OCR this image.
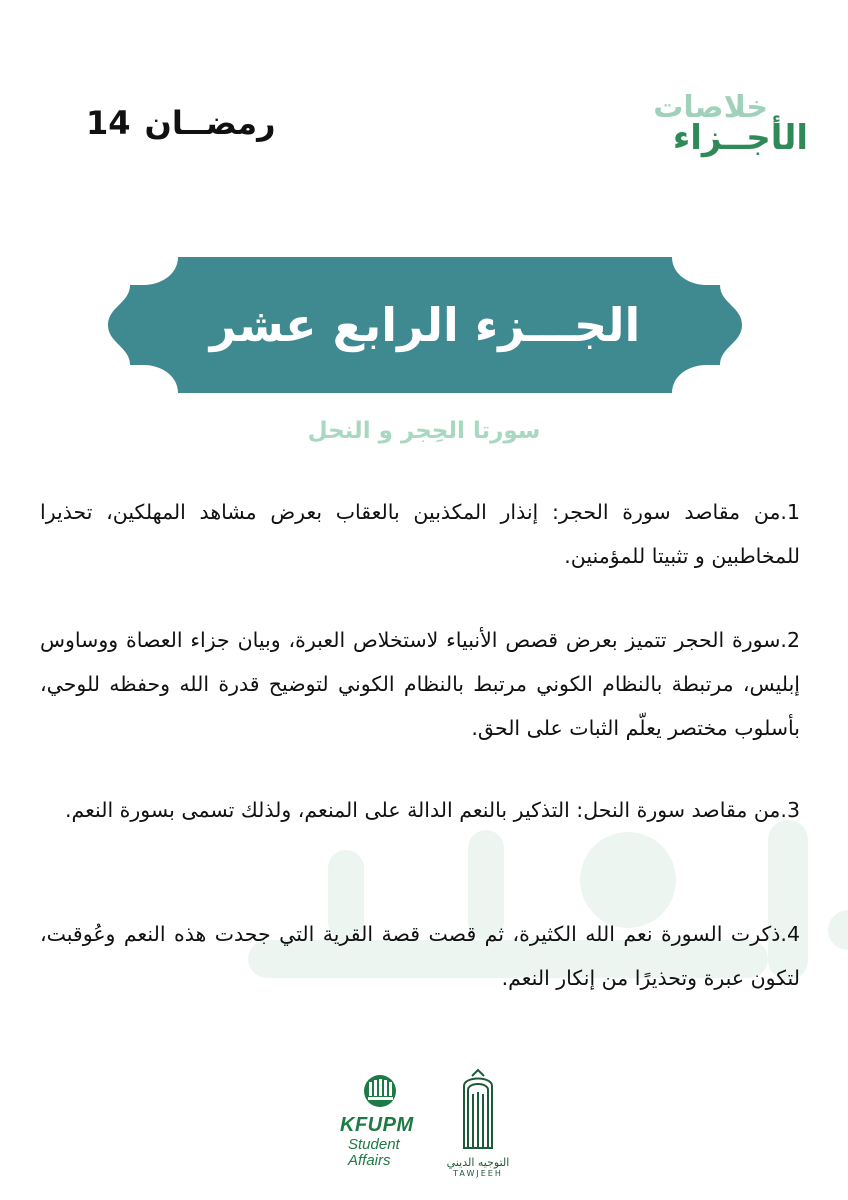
رمضــان
14	خلاصات
الأجــزاء
الجـــزء الرابع عشر
سورتا الحِجر و النحل
1.من مقاصد سورة الحجر: إنذار المكذبين بالعقاب بعرض مشاهد المهلكين، تحذيرا للمخاطبين و تثبيتا للمؤمنين.
2.سورة الحجر تتميز بعرض قصص الأنبياء لاستخلاص العبرة، وبيان جزاء العصاة ووساوس إبليس، مرتبطة بالنظام الكوني مرتبط بالنظام الكوني لتوضيح قدرة الله وحفظه للوحي، بأسلوب مختصر يعلّم الثبات على الحق.
3.من مقاصد سورة النحل: التذكير بالنعم الدالة على المنعم، ولذلك تسمى بسورة النعم.
4.ذكرت السورة نعم الله الكثيرة، ثم قصت قصة القرية التي جحدت هذه النعم وعُوقبت، لتكون عبرة وتحذيرًا من إنكار النعم.
KFUPM
Student
Affairs	التوجيه الديني
TAWJEEH
